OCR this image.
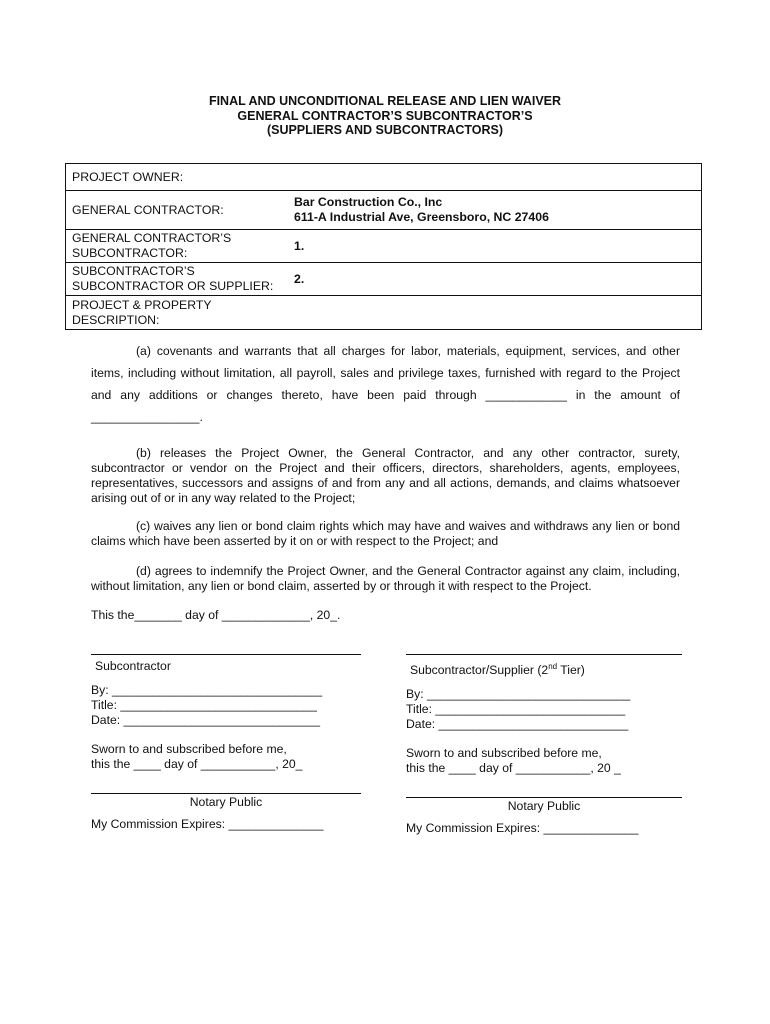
FINAL AND UNCONDITIONAL RELEASE AND LIEN WAIVER
GENERAL CONTRACTOR’S SUBCONTRACTOR’S
(SUPPLIERS AND SUBCONTRACTORS)
PROJECT OWNER:
GENERAL CONTRACTOR:
Bar Construction Co., Inc
611-A Industrial Ave, Greensboro, NC 27406
GENERAL CONTRACTOR’S
SUBCONTRACTOR:	1.
SUBCONTRACTOR’S
SUBCONTRACTOR OR SUPPLIER:	2.
PROJECT & PROPERTY
DESCRIPTION:
(a) covenants and warrants that all charges for labor, materials, equipment, services, and other items, including without limitation, all payroll, sales and privilege taxes, furnished with regard to the Project and any additions or changes thereto, have been paid through ____________ in the amount of ________________.
(b) releases the Project Owner, the General Contractor, and any other contractor, surety, subcontractor or vendor on the Project and their officers, directors, shareholders, agents, employees, representatives, successors and assigns of and from any and all actions, demands, and claims whatsoever arising out of or in any way related to the Project;
(c) waives any lien or bond claim rights which may have and waives and withdraws any lien or bond claims which have been asserted by it on or with respect to the Project; and
(d) agrees to indemnify the Project Owner, and the General Contractor against any claim, including, without limitation, any lien or bond claim, asserted by or through it with respect to the Project.
This the_______ day of _____________, 20_.
Subcontractor
By: _______________________________
Title: _____________________________
Date: _____________________________
Sworn to and subscribed before me,
this the ____ day of ___________, 20_
Notary Public
My Commission Expires: ______________
Subcontractor/Supplier (2nd Tier)
By: ______________________________
Title: ____________________________
Date: ____________________________
Sworn to and subscribed before me,
this the ____ day of ___________, 20 _
Notary Public
My Commission Expires: ______________
